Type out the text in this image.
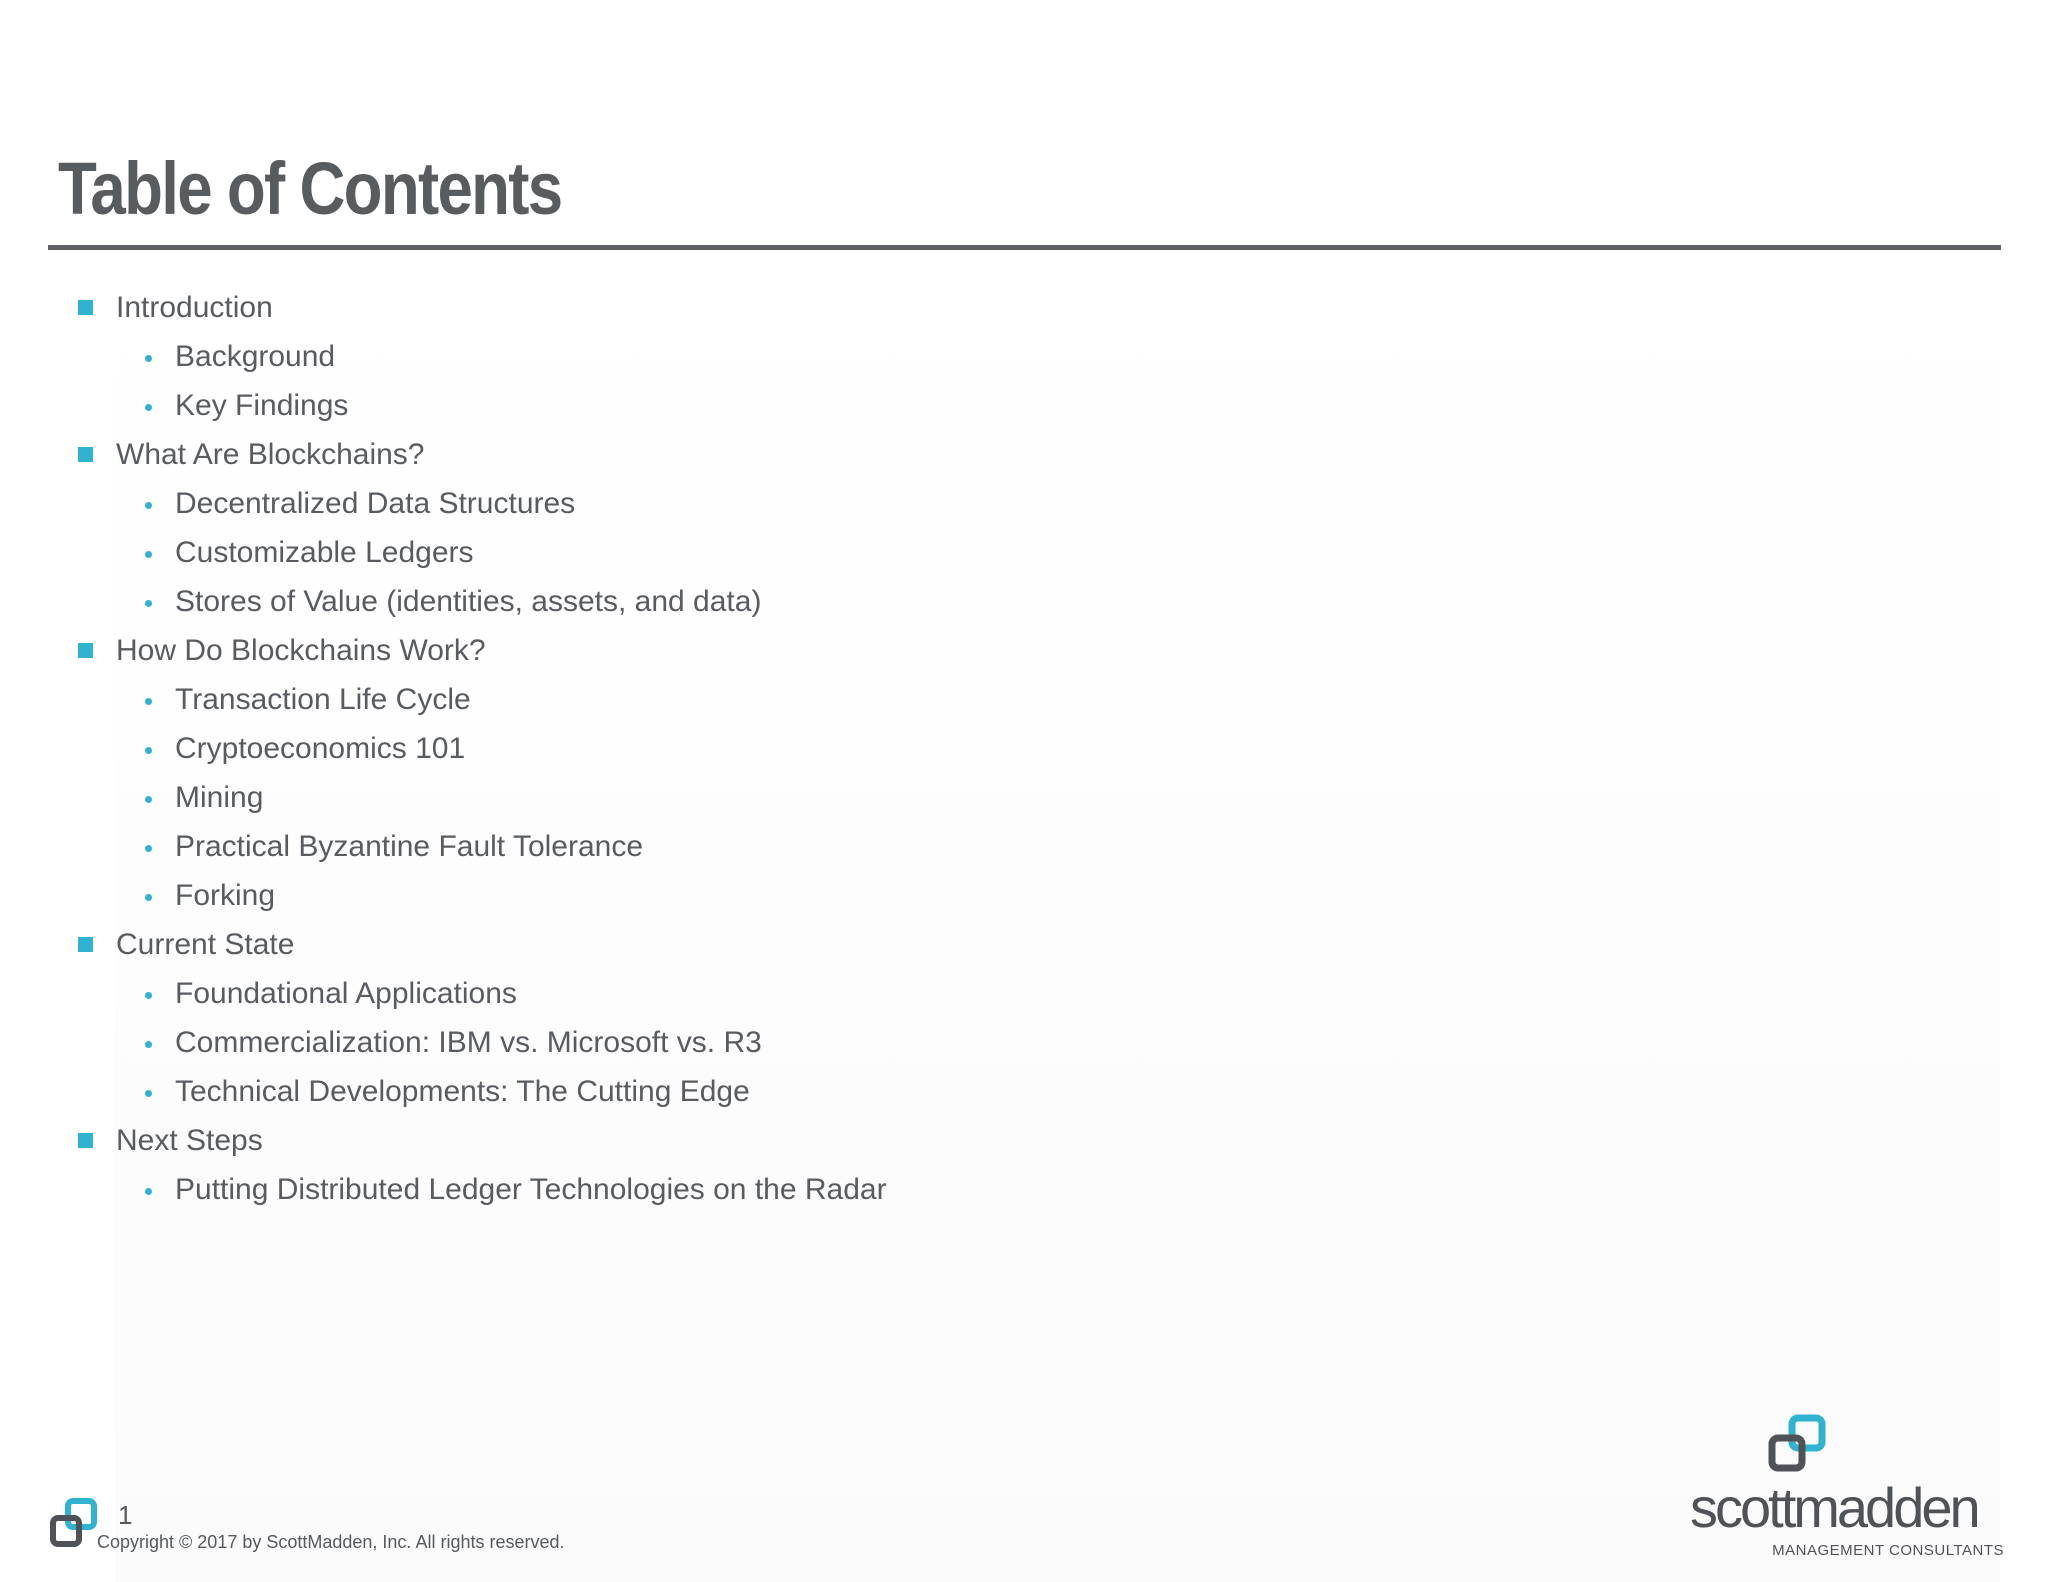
Table of Contents
Introduction
Background
Key Findings
What Are Blockchains?
Decentralized Data Structures
Customizable Ledgers
Stores of Value (identities, assets, and data)
How Do Blockchains Work?
Transaction Life Cycle
Cryptoeconomics 101
Mining
Practical Byzantine Fault Tolerance
Forking
Current State
Foundational Applications
Commercialization: IBM vs. Microsoft vs. R3
Technical Developments: The Cutting Edge
Next Steps
Putting Distributed Ledger Technologies on the Radar
1
Copyright © 2017 by ScottMadden, Inc. All rights reserved.
scottmadden
MANAGEMENT CONSULTANTS
